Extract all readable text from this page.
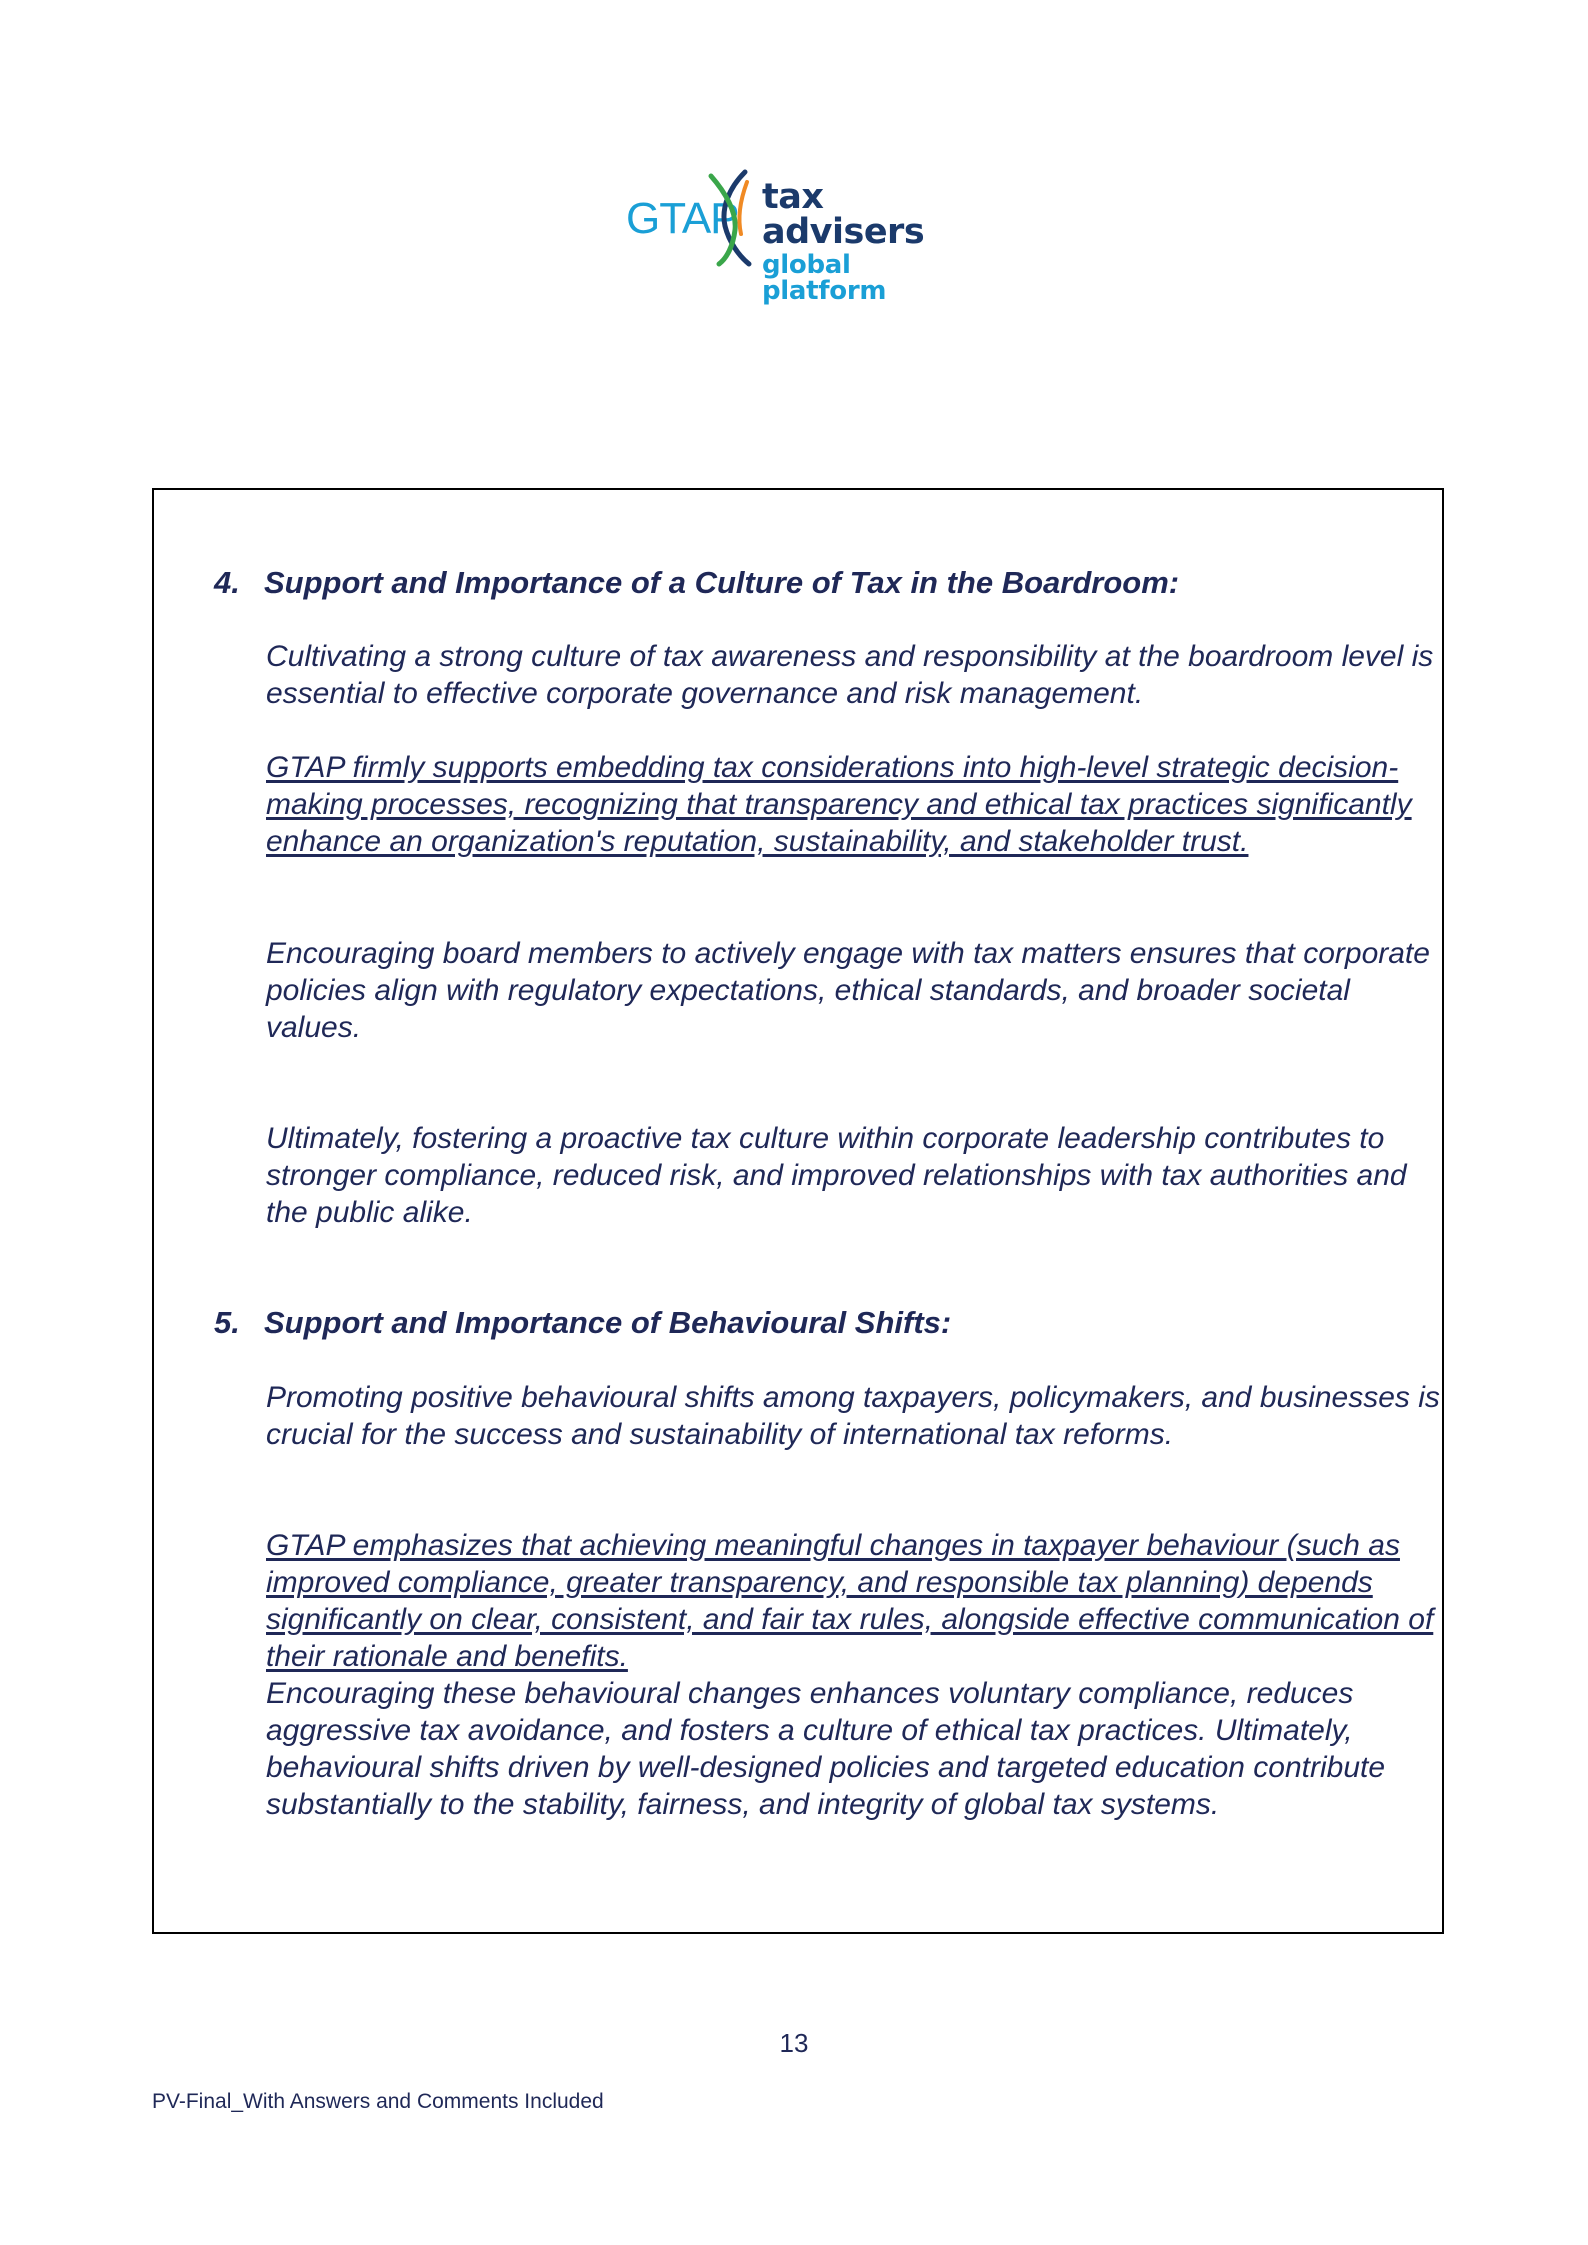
GTAP tax advisers
global platform
4. Support and Importance of a Culture of Tax in the Boardroom:

Cultivating a strong culture of tax awareness and responsibility at the boardroom level is essential to effective corporate governance and risk management.

GTAP firmly supports embedding tax considerations into high-level strategic decision-making processes, recognizing that transparency and ethical tax practices significantly enhance an organization's reputation, sustainability, and stakeholder trust.

Encouraging board members to actively engage with tax matters ensures that corporate policies align with regulatory expectations, ethical standards, and broader societal values.

Ultimately, fostering a proactive tax culture within corporate leadership contributes to stronger compliance, reduced risk, and improved relationships with tax authorities and the public alike.

5. Support and Importance of Behavioural Shifts:

Promoting positive behavioural shifts among taxpayers, policymakers, and businesses is crucial for the success and sustainability of international tax reforms.

GTAP emphasizes that achieving meaningful changes in taxpayer behaviour (such as improved compliance, greater transparency, and responsible tax planning) depends significantly on clear, consistent, and fair tax rules, alongside effective communication of their rationale and benefits.

Encouraging these behavioural changes enhances voluntary compliance, reduces aggressive tax avoidance, and fosters a culture of ethical tax practices. Ultimately, behavioural shifts driven by well-designed policies and targeted education contribute substantially to the stability, fairness, and integrity of global tax systems.

13
PV-Final_With Answers and Comments Included
